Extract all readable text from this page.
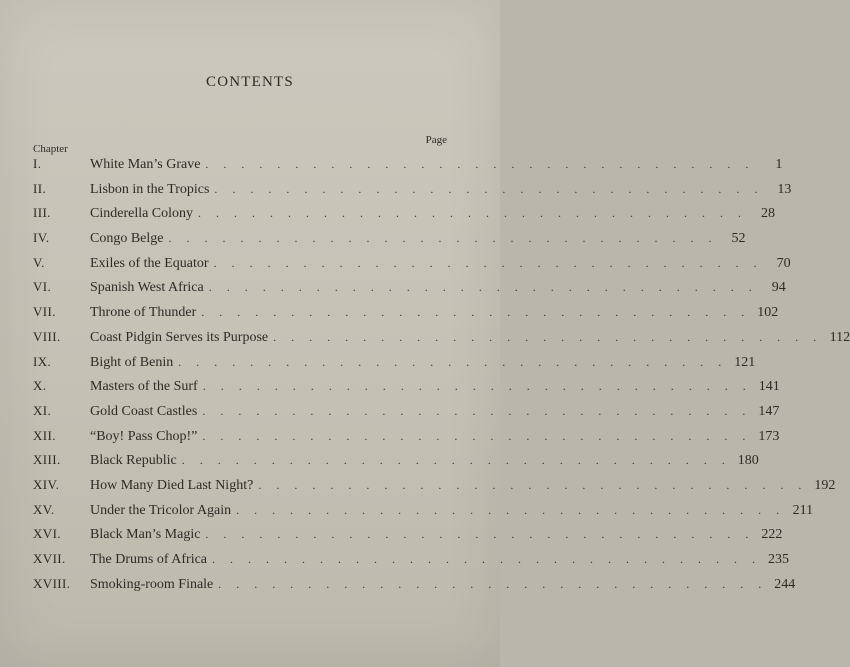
CONTENTS
Chapter
Page
I.	White Man’s Grave . . . . . . . . . . . . . . . . . . . . . . . . . . . . . . .	1
II.	Lisbon in the Tropics . . . . . . . . . . . . . . . . . . . . . . . . . . . . . . .	13
III.	Cinderella Colony . . . . . . . . . . . . . . . . . . . . . . . . . . . . . . .	28
IV.	Congo Belge . . . . . . . . . . . . . . . . . . . . . . . . . . . . . . .	52
V.	Exiles of the Equator . . . . . . . . . . . . . . . . . . . . . . . . . . . . . . .	70
VI.	Spanish West Africa . . . . . . . . . . . . . . . . . . . . . . . . . . . . . . .	94
VII.	Throne of Thunder . . . . . . . . . . . . . . . . . . . . . . . . . . . . . . . 102
VIII.	Coast Pidgin Serves its Purpose . . . . . . . . . . . . . . . . . . . . . . . . . . . . . . . 112
IX.	Bight of Benin . . . . . . . . . . . . . . . . . . . . . . . . . . . . . . . 121
X.	Masters of the Surf . . . . . . . . . . . . . . . . . . . . . . . . . . . . . . . 141
XI.	Gold Coast Castles . . . . . . . . . . . . . . . . . . . . . . . . . . . . . . . 147
XII.	“Boy! Pass Chop!” . . . . . . . . . . . . . . . . . . . . . . . . . . . . . . . 173
XIII.	Black Republic . . . . . . . . . . . . . . . . . . . . . . . . . . . . . . . 180
XIV.	How Many Died Last Night? . . . . . . . . . . . . . . . . . . . . . . . . . . . . . . . 192
XV.	Under the Tricolor Again . . . . . . . . . . . . . . . . . . . . . . . . . . . . . . . 211
XVI.	Black Man’s Magic . . . . . . . . . . . . . . . . . . . . . . . . . . . . . . . 222
XVII.	The Drums of Africa . . . . . . . . . . . . . . . . . . . . . . . . . . . . . . . 235
XVIII.	Smoking-room Finale . . . . . . . . . . . . . . . . . . . . . . . . . . . . . . . 244
